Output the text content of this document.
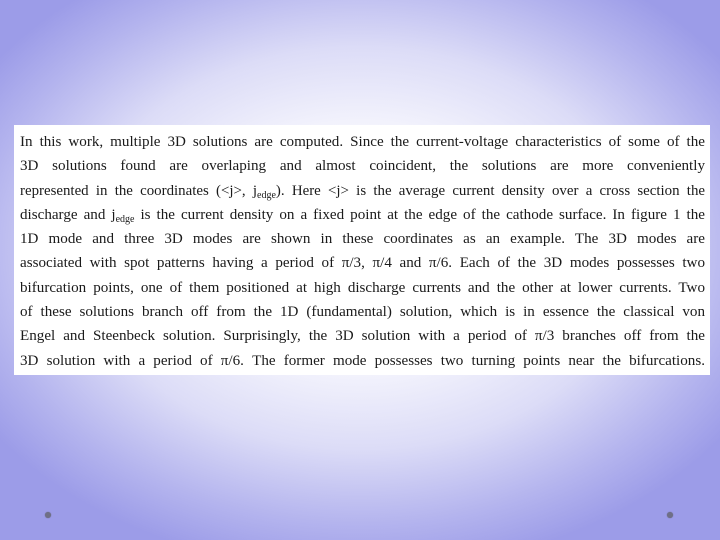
In this work, multiple 3D solutions are computed. Since the current-voltage characteristics of some of the
3D solutions found are overlaping and almost coincident, the solutions are more conveniently
represented in the coordinates (<j>, $j_{edge}$). Here <j> is the average current density over a cross section the
discharge and $j_{edge}$ is the current density on a fixed point at the edge of the cathode surface. In figure 1 the
1D mode and three 3D modes are shown in these coordinates as an example. The 3D modes are
associated with spot patterns having a period of π/3, π/4 and π/6. Each of the 3D modes possesses two
bifurcation points, one of them positioned at high discharge currents and the other at lower currents. Two
of these solutions branch off from the 1D (fundamental) solution, which is in essence the classical von
Engel and Steenbeck solution. Surprisingly, the 3D solution with a period of π/3 branches off from the
3D solution with a period of π/6. The former mode possesses two turning points near the bifurcations.
